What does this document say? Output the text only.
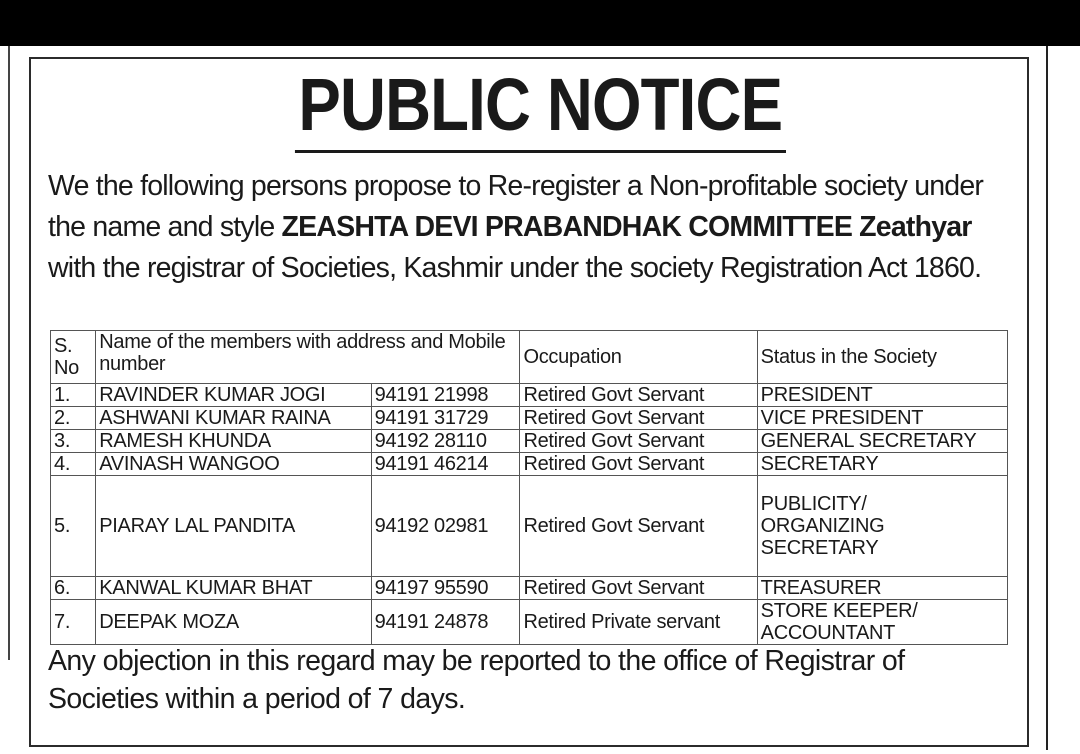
PUBLIC NOTICE
We the following persons propose to Re-register a Non-profitable society under the name and style ZEASHTA DEVI PRABANDHAK COMMITTEE Zeathyar with the registrar of Societies, Kashmir under the society Registration Act 1860.
S. No	Name of the members with address and Mobile number		Occupation	Status in the Society
1.	RAVINDER KUMAR JOGI	94191 21998	Retired Govt Servant	PRESIDENT
2.	ASHWANI KUMAR RAINA	94191 31729	Retired Govt Servant	VICE PRESIDENT
3.	RAMESH KHUNDA	94192 28110	Retired Govt Servant	GENERAL SECRETARY
4.	AVINASH WANGOO	94191 46214	Retired Govt Servant	SECRETARY
5.	PIARAY LAL PANDITA	94192 02981	Retired Govt Servant	PUBLICITY/
ORGANIZING
SECRETARY

6.	KANWAL KUMAR BHAT	94197 95590	Retired Govt Servant	TREASURER
7.	DEEPAK MOZA	94191 24878	Retired Private servant	STORE KEEPER/
ACCOUNTANT
Any objection in this regard may be reported to the office of Registrar of Societies within a period of 7 days.
